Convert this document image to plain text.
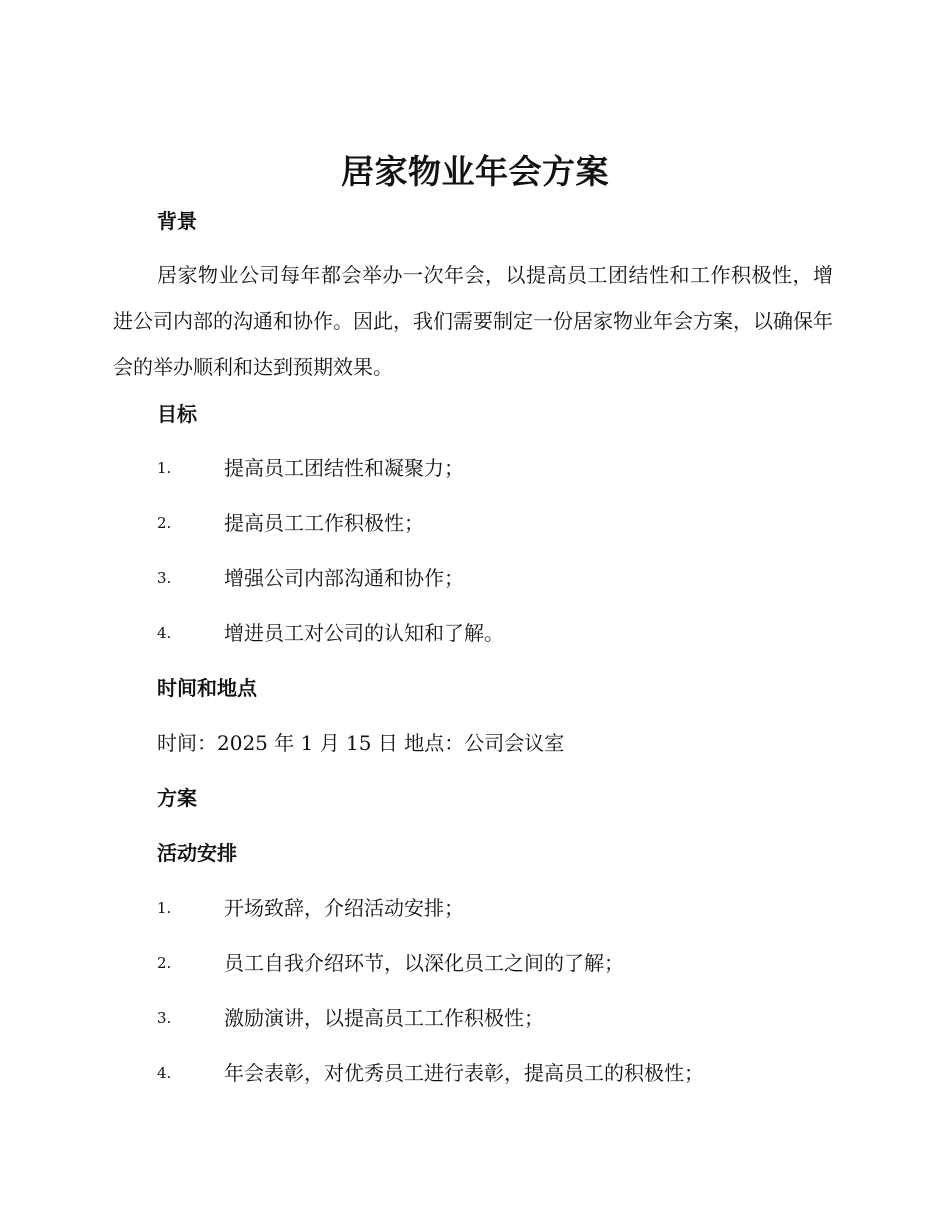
居家物业年会方案
背景
居家物业公司每年都会举办一次年会，以提高员工团结性和工作积极性，增进公司内部的沟通和协作。因此，我们需要制定一份居家物业年会方案，以确保年会的举办顺利和达到预期效果。
目标
1.	提高员工团结性和凝聚力；
2.	提高员工工作积极性；
3.	增强公司内部沟通和协作；
4.	增进员工对公司的认知和了解。
时间和地点
时间：2025 年 1 月 15 日 地点：公司会议室
方案
活动安排
1.	开场致辞，介绍活动安排；
2.	员工自我介绍环节，以深化员工之间的了解；
3.	激励演讲，以提高员工工作积极性；
4.	年会表彰，对优秀员工进行表彰，提高员工的积极性；
